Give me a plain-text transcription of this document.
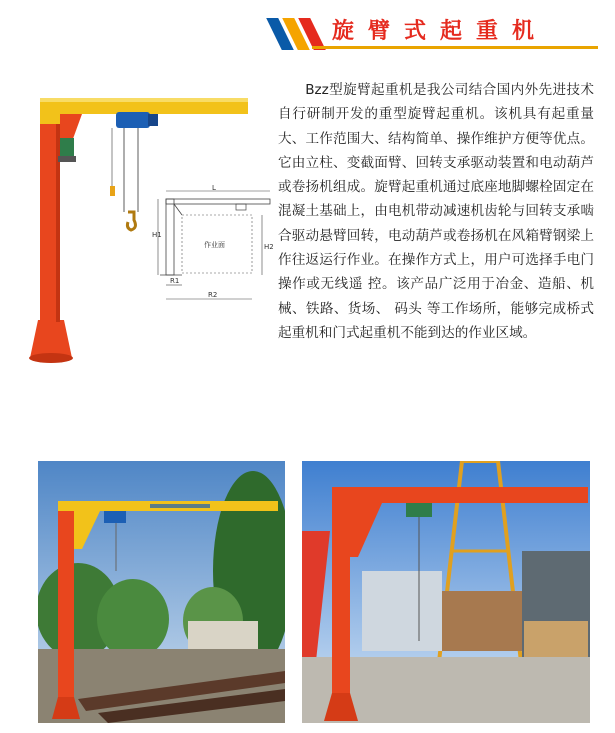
旋臂式起重机

Bzz型旋臂起重机是我公司结合国内外先进技术自行研制开发的重型旋臂起重机。该机具有起重量大、工作范围大、结构简单、操作维护方便等优点。它由立柱、变截面臂、回转支承驱动装置和电动葫芦或卷扬机组成。旋臂起重机通过底座地脚螺栓固定在混凝土基础上，由电机带动减速机齿轮与回转支承啮合驱动悬臂回转，电动葫芦或卷扬机在风箱臂钢梁上作往返运行作业。在操作方式上，用户可选择手电门操作或无线遥 控。该产品广泛用于冶金、造船、机械、铁路、货场、 码头 等工作场所，能够完成桥式起重机和门式起重机不能到达的作业区域。

L
作业面
H1
H2
R1
R2
